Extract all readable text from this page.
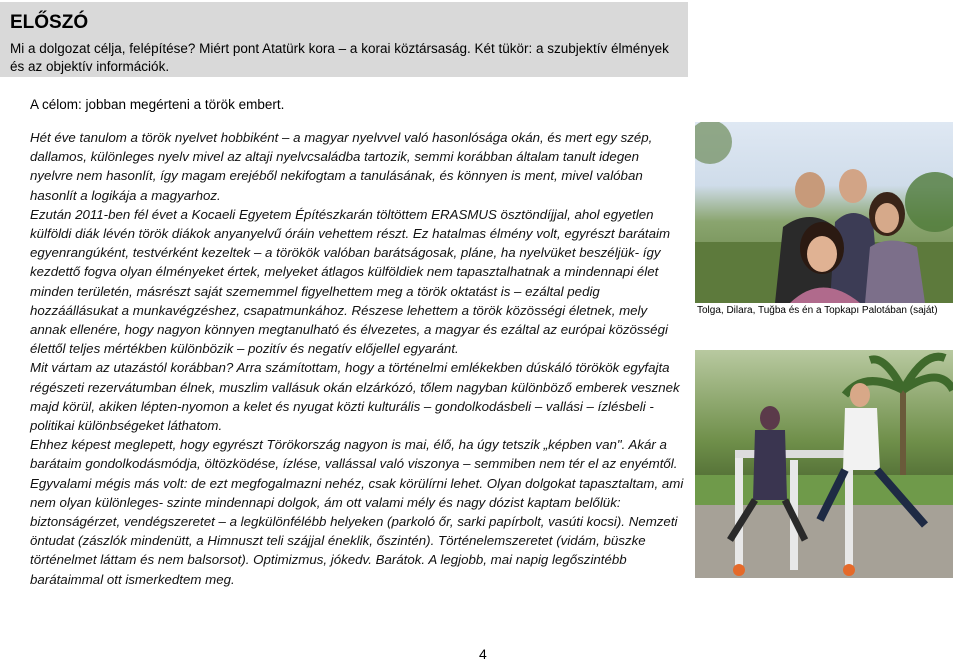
ELŐSZÓ
Mi a dolgozat célja, felépítése? Miért pont Atatürk kora – a korai köztársaság. Két tükör: a szubjektív élmények és az objektív információk.
A célom: jobban megérteni a török embert.

Hét éve tanulom a török nyelvet hobbiként – a magyar nyelvvel való hasonlósága okán, és mert egy szép, dallamos, különleges nyelv mivel az altaji nyelvcsaládba tartozik, semmi korábban általam tanult idegen nyelvre nem hasonlít, így magam erejéből nekifogtam a tanulásának, és könnyen is ment, mivel valóban hasonlít a logikája a magyarhoz.

Ezután 2011-ben fél évet a Kocaeli Egyetem Építészkarán töltöttem ERASMUS ösztöndíjjal, ahol egyetlen külföldi diák lévén török diákok anyanyelvű óráin vehettem részt. Ez hatalmas élmény volt, egyrészt barátaim egyenrangúként, testvérként kezeltek – a törökök valóban barátságosak, pláne, ha nyelvüket beszéljük- így kezdettő fogva olyan élményeket értek, melyeket átlagos külföldiek nem tapasztalhatnak a mindennapi élet minden területén, másrészt saját szememmel figyelhettem meg a török oktatást is – ezáltal pedig hozzáállásukat a munkavégzéshez, csapatmunkához. Részese lehettem a török közösségi életnek, mely annak ellenére, hogy nagyon könnyen megtanulható és élvezetes, a magyar és ezáltal az európai közösségi élettől teljes mértékben különbözik – pozitív és negatív előjellel egyaránt.

Mit vártam az utazástól korábban? Arra számítottam, hogy a történelmi emlékekben dúskáló törökök egyfajta régészeti rezervátumban élnek, muszlim vallásuk okán elzárkózó, tőlem nagyban különböző emberek vesznek majd körül, akiken lépten-nyomon a kelet és nyugat közti kulturális – gondolkodásbeli – vallási – ízlésbeli - politikai különbségeket láthatom.

Ehhez képest meglepett, hogy egyrészt Törökország nagyon is mai, élő, ha úgy tetszik „képben van". Akár a barátaim gondolkodásmódja, öltözködése, ízlése, vallással való viszonya – semmiben nem tér el az enyémtől. Egyvalami mégis más volt: de ezt megfogalmazni nehéz, csak körülírni lehet. Olyan dolgokat tapasztaltam, ami nem olyan különleges- szinte mindennapi dolgok, ám ott valami mély és nagy dózist kaptam belőlük: biztonságérzet, vendégszeretet – a legkülönfélébb helyeken (parkoló őr, sarki papírbolt, vasúti kocsi). Nemzeti öntudat (zászlók mindenütt, a Himnuszt teli szájjal éneklik, őszintén). Történelemszeretet (vidám, büszke történelmet láttam és nem balsorsot). Optimizmus, jókedv. Barátok. A legjobb, mai napig legőszintébb barátaimmal ott ismerkedtem meg.

Tolga, Dilara, Tuğba és én a Topkapı Palotában (saját)
4
